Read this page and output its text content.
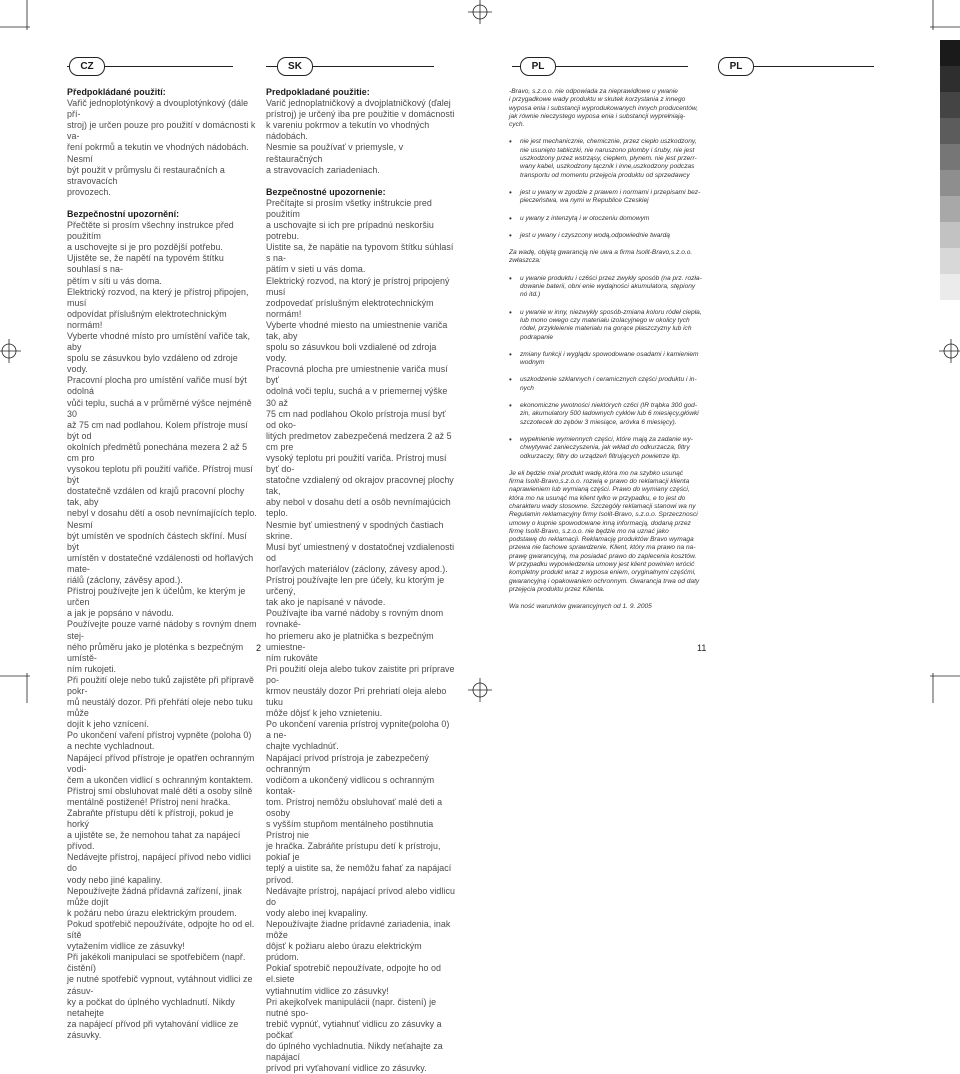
CZ	SK	PL	PL

Předpokládané použití:

Vařič jednoplotýnkový a dvouplotýnkový (dále pří-

stroj) je určen pouze pro použití v domácnosti k va-

ření pokrmů a tekutin ve vhodných nádobách. Nesmí

být použit v průmyslu či restauračních a stravovacích

provozech.

Bezpečnostní upozornění:

Přečtěte si prosím všechny instrukce před použitím

a uschovejte si je pro pozdější potřebu.

Ujistěte se, že napětí na typovém štítku souhlasí s na-

pětím v síti u vás doma.

Elektrický rozvod, na který je přístroj připojen, musí

odpovídat příslušným elektrotechnickým normám!

Vyberte vhodné místo pro umístění vařiče tak, aby

spolu se zásuvkou bylo vzdáleno od zdroje vody.

Pracovní plocha pro umístění vařiče musí být odolná

vůči teplu, suchá a v průměrné výšce nejméně 30

až 75 cm nad podlahou. Kolem přístroje musí být od

okolních předmětů ponechána mezera 2 až 5 cm pro

vysokou teplotu při použití vařiče. Přístroj musí být

dostatečně vzdálen od krajů pracovní plochy tak, aby

nebyl v dosahu dětí a osob nevnímajících teplo. Nesmí

být umístěn ve spodních částech skříní. Musí být

umístěn v dostatečné vzdálenosti od hořlavých mate-

riálů (záclony, závěsy apod.).

Přístroj používejte jen k účelům, ke kterým je určen

a jak je popsáno v návodu.

Používejte pouze varné nádoby s rovným dnem stej-

ného průměru jako je ploténka s bezpečným umístě-

ním rukojeti.

Při použití oleje nebo tuků zajistěte při přípravě pokr-

mů neustálý dozor. Při přehřátí oleje nebo tuku může

dojít k jeho vznícení.

Po ukončení vaření přístroj vypněte (poloha 0)

a nechte vychladnout.

Napájecí přívod přístroje je opatřen ochranným vodi-

čem a ukončen vidlicí s ochranným kontaktem.

Přístroj smí obsluhovat malé děti a osoby silně

mentálně postižené! Přístroj není hračka.

Zabraňte přístupu dětí k přístroji, pokud je horký

a ujistěte se, že nemohou tahat za napájecí přívod.

Nedávejte přístroj, napájecí přívod nebo vidlici do

vody nebo jiné kapaliny.

Nepoužívejte žádná přídavná zařízení, jinak může dojít

k požáru nebo úrazu elektrickým proudem.

Pokud spotřebič nepoužíváte, odpojte ho od el. sítě

vytažením vidlice ze zásuvky!

Při jakékoli manipulaci se spotřebičem (např. čistění)

je nutné spotřebič vypnout, vytáhnout vidlici ze zásuv-

ky a počkat do úplného vychladnutí. Nikdy netahejte

za napájecí přívod při vytahování vidlice ze zásuvky.

Predpokladané použitie:

Varič jednoplatničkový a dvojplatničkový (ďalej

prístroj) je určený iba pre použitie v domácnosti

k vareniu pokrmov a tekutín vo vhodných nádobách.

Nesmie sa používať v priemysle, v reštauračných

a stravovacích zariadeniach.

Bezpečnostné upozornenie:

Prečítajte si prosím všetky inštrukcie pred použitím

a uschovajte si ich pre prípadnú neskoršiu potrebu.

Uistite sa, že napätie na typovom štítku súhlasí s na-

pätím v sieti u vás doma.

Elektrický rozvod, na ktorý je prístroj pripojený musí

zodpovedať príslušným elektrotechnickým normám!

Vyberte vhodné miesto na umiestnenie variča tak, aby

spolu so zásuvkou boli vzdialené od zdroja vody.

Pracovná plocha pre umiestnenie variča musí byť

odolná voči teplu, suchá a v priemernej výške 30 až

75 cm nad podlahou Okolo prístroja musí byť od oko-

litých predmetov zabezpečená medzera 2 až 5 cm pre

vysoký teplotu pri použití variča. Prístroj musí byť do-

statočne vzdialený od okrajov pracovnej plochy tak,

aby nebol v dosahu detí a osôb nevnímajúcich teplo.

Nesmie byť umiestnený v spodných častiach skrine.

Musí byť umiestnený v dostatočnej vzdialenosti od

horľavých materiálov (záclony, závesy apod.).

Prístroj používajte len pre účely, ku ktorým je určený,

tak ako je napísané v návode.

Používajte iba varné nádoby s rovným dnom rovnaké-

ho priemeru ako je platnička s bezpečným umiestne-

ním rukoväte

Pri použití oleja alebo tukov zaistite pri príprave po-

krmov neustály dozor Pri prehriatí oleja alebo tuku

môže dôjsť k jeho vznieteniu.

Po ukončení varenia prístroj vypnite(poloha 0) a ne-

chajte vychladnúť.

Napájací prívod prístroja je zabezpečený ochranným

vodičom a ukončený vidlicou s ochranným kontak-

tom. Prístroj nemôžu obsluhovať malé deti a osoby

s vyšším stupňom mentálneho postihnutia Prístroj nie

je hračka. Zabráňte prístupu detí k prístroju, pokiaľ je

teplý a uistite sa, že nemôžu fahať za napájací prívod.

Nedávajte prístroj, napájací prívod alebo vidlicu do

vody alebo inej kvapaliny.

Nepoužívajte žiadne prídavné zariadenia, inak môže

dôjsť k požiaru alebo úrazu elektrickým prúdom.

Pokiaľ spotrebič nepoužívate, odpojte ho od el.siete

vytiahnutím vidlice zo zásuvky!

Pri akejkoľvek manipulácii (napr. čistení) je nutné spo-

trebič vypnúť, vytiahnuť vidlicu zo zásuvky a počkať

do úplného vychladnutia. Nikdy neťahajte za napájací

prívod pri vyťahovaní vidlice zo zásuvky.

-Bravo, s.z.o.o. nie odpowiada za nieprawidłowe u ywanie

i przygadkowe wady produktu w skutek korzystania z innego

wyposa enia i substancji wyprodukowanych innych producentów,

jak równie nieczystego wyposa enia i substancji wyprełniają-

cych.

• nie jest mechanicznie, chemicznie, przez ciepło uszkodzony,

nie usunięto tabliczki, nie naruszono plomby i śruby, nie jest

uszkodzony przez wstrząsy, ciepłem, płynem. nie jest przerr-

wany kabel, uszkodzony tącznik i inne,uszkodzony podczas

transportu od momentu przejęcia produktu od sprzedawcy

• jest u ywany w zgodzie z prawem i normami i przepisami bez-

pieczeństwa, wa nymi w Republice Czeskiej

• u ywany z intenzytą i w otoczeniu domowym

• jest u ywany i czyszcony wodą,odpowiednie twardą

Za wadę, objętą gwarancją nie uwa a firma Isolit-Bravo,s.z.o.o.

zwłaszcza:

• u ywanie produktu i cz6ści przez zwykły sposób (na prz. rozła-

dowanie baterii, obni enie wydajności akumulatora, stępiony

nó itd.)

• u ywanie w inny, niezwykły sposób-zmiana koloru ródeł ciepła,

lub mono owego czy materiału izolacyjnego w okolicy tych

ródeł, przykleienie materiału na gorące płaszczyzny lub ich

podrapanie

• zmiany funkcji i wyglądu spowodowane osadami i kamieniem

wodnym

• uszkodzenie szklannych i ceramicznych części produktu i in-

nych

• ekonomiczne ywotności niektórych cz6ci (IR trąbka 300 god-

zin, akumulatory 500 ładownych cykłów lub 6 miesięcy,główki

szczotecek do zębów 3 miesiące, aróvka 6 miesięcy).

• wypełnienie wymiennych części, które mają za zadanie wy-

chwytywać zanieczyszenia, jak wkład do odkurzacza, filtry

odkurzaczy, filtry do urządzeń filtrujących powietrze itp.

Je eli będzie miał produkt wadę,która mo na szybko usunąć

firma Isolit-Bravo,s.z.o.o. rozwią e prawo do reklamacji klienta

naprawieniem lub wymianą części. Prawo do wymiany części,

która mo na usunąć ma klient tylko w przypadku, e to jest do

charakteru wady stosowne. Szczegóły reklamacji stanowi wa ny

Regulamin reklamacyjny firmy Isolit-Bravo, s.z.o.o. Sprzecznosci

umowy o kupnie spowodowane inną informacją, dodaną przez

firmę Isolit-Bravo, s.z.o.o. nie będzie mo na uznać jako

podstawę do reklamacji. Reklamację produktów Bravo wymaga

przewa nie fachowe sprawdzenie. Klient, który ma prawo na na-

prawę gwarancyjną, ma posiadać prawo do zaplecenia kosztów.

W przypadku wypowiedzenia umowy jest klient powinien wrócić

kompletny produkt wraz z wyposa eniem, oryginalnymi częśćmi,

gwarancyjną i opakowaniem ochronnym. Gwarancja trwa od daty

przejęcia produktu przez Klienta.

Wa ność warunków gwarancyjnych od 1. 9. 2005

2	11
